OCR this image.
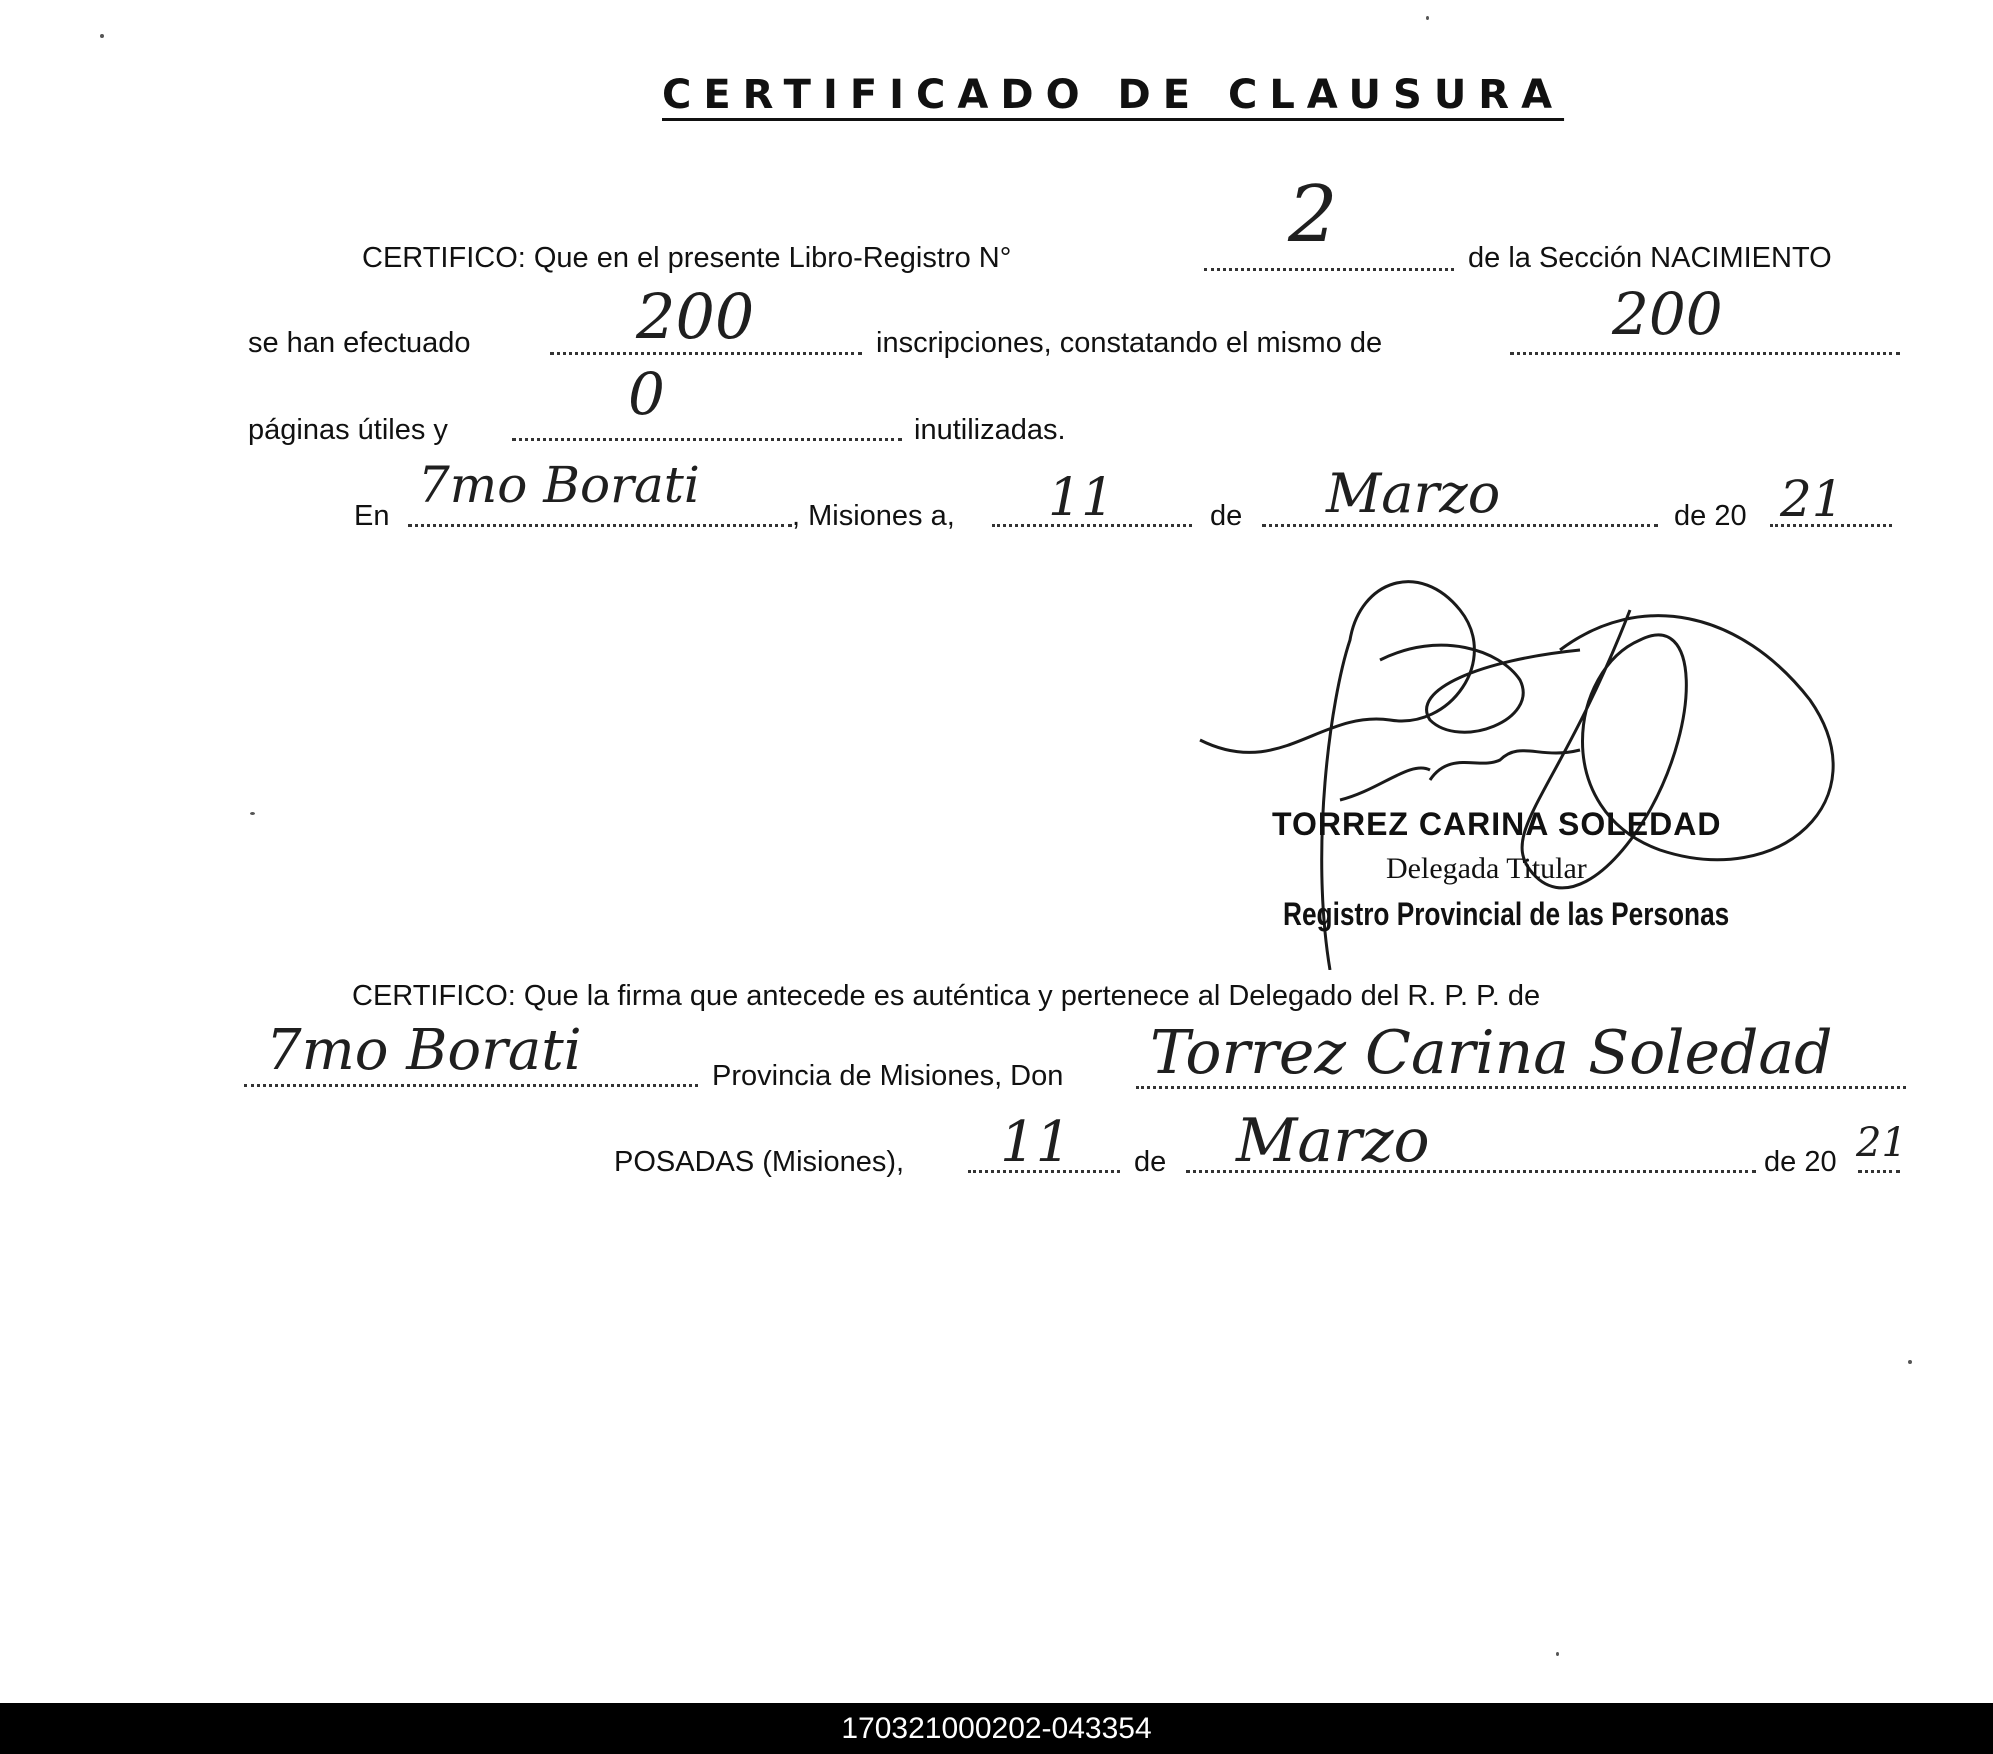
CERTIFICADO DE CLAUSURA
CERTIFICO: Que en el presente Libro-Registro N°	2	de la Sección NACIMIENTO
se han efectuado	200	inscripciones, constatando el mismo de	200
páginas útiles y
0
inutilizadas.
En
7mo Borati
, Misiones a, 11	de Marzo	de 20 21
TORREZ CARINA SOLEDAD
Delegada Titular
Registro Provincial de las Personas
CERTIFICO: Que la firma que antecede es auténtica y pertenece al Delegado del R. P. P. de
7mo Borati	Provincia de Misiones, Don Torrez Carina Soledad
POSADAS (Misiones), 11 de Marzo	de 20 21
170321000202-043354
